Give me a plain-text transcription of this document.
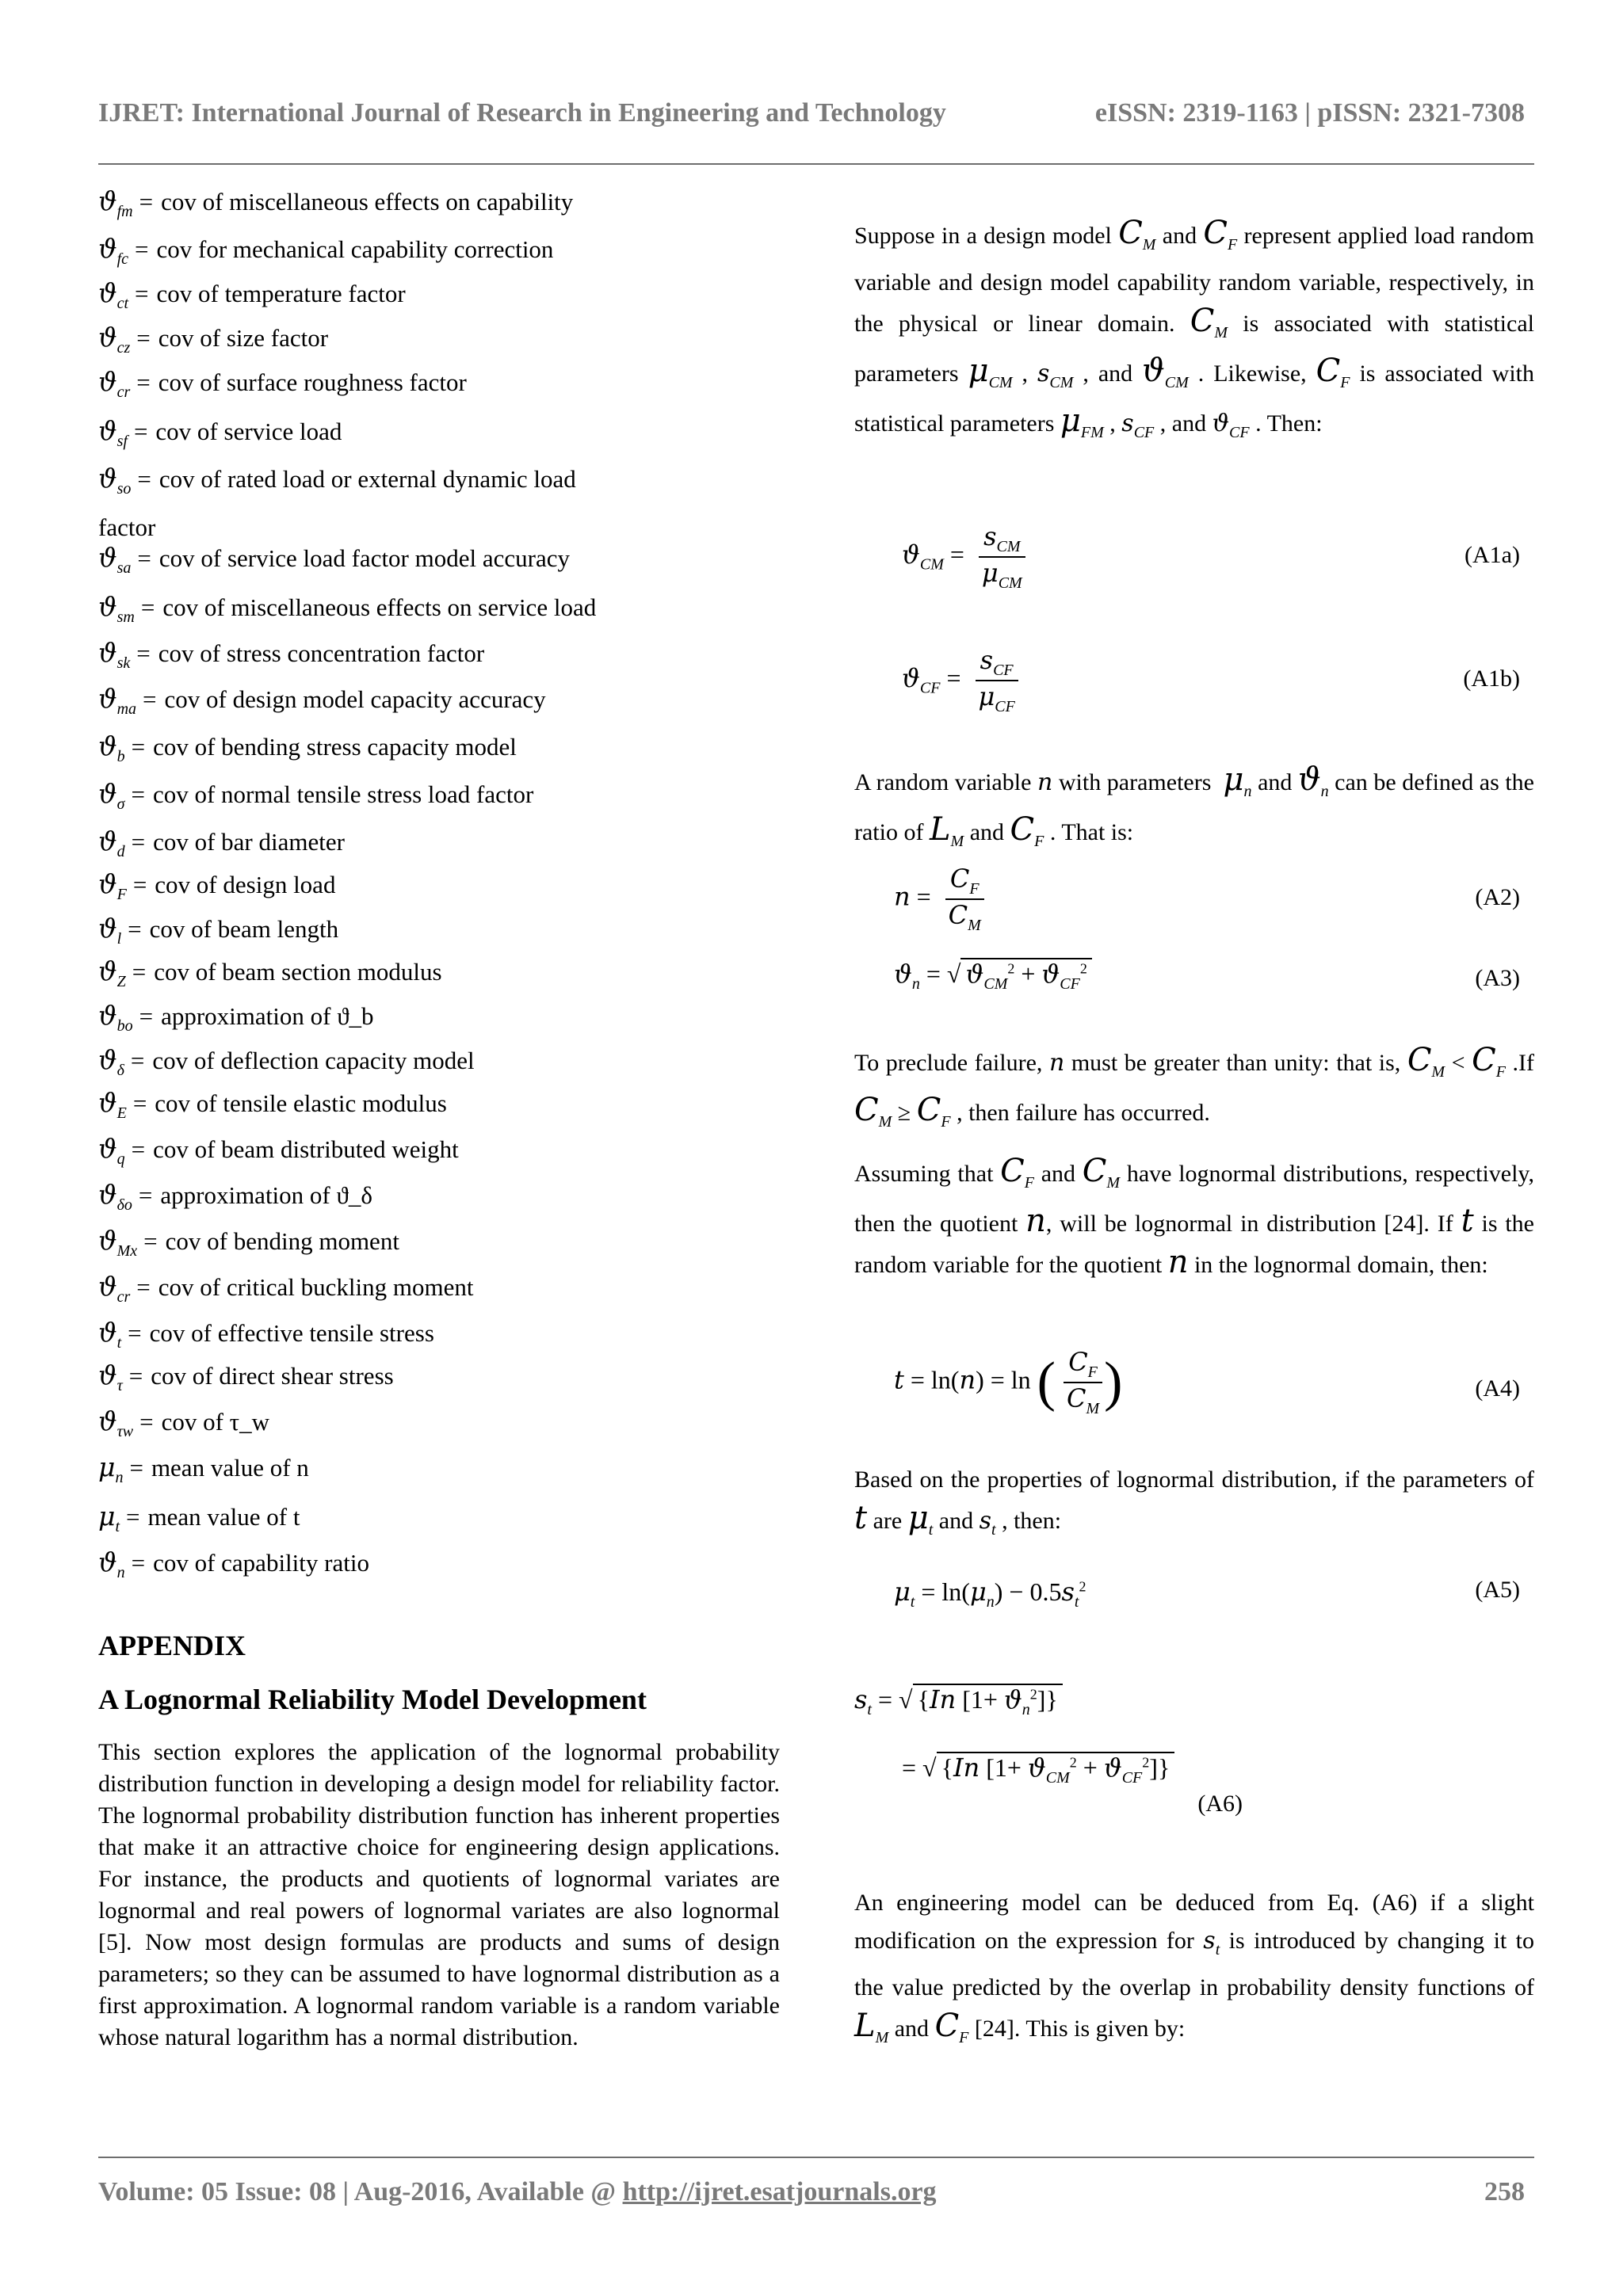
IJRET: International Journal of Research in Engineering and Technology	eISSN: 2319-1163 | pISSN: 2321-7308
$ϑ_{fm}$ = cov of miscellaneous effects on capability
$ϑ_{fc}$ = cov for mechanical capability correction
$ϑ_{ct}$ = cov of temperature factor
$ϑ_{cz}$ = cov of size factor
$ϑ_{cr}$ = cov of surface roughness factor
$ϑ_{sf}$ = cov of service load
$ϑ_{so}$ = cov of rated load or external dynamic load
$ϑ_{sa}$ = cov of service load factor model accuracy
$ϑ_{sm}$ = cov of miscellaneous effects on service load
$ϑ_{sk}$ = cov of stress concentration factor
$ϑ_{ma}$ = cov of design model capacity accuracy
$ϑ_b$ = cov of bending stress capacity model
$ϑ_\sigma$ = cov of normal tensile stress load factor
$ϑ_d$ = cov of bar diameter
$ϑ_F$ = cov of design load
$ϑ_l$ = cov of beam length
$ϑ_Z$ = cov of beam section modulus
$ϑ_{bo}$ = approximation of ϑ_b
$ϑ_\delta$ = cov of deflection capacity model
$ϑ_E$ = cov of tensile elastic modulus
$ϑ_q$ = cov of beam distributed weight
$ϑ_{\delta o}$ = approximation of ϑ_δ
$ϑ_{Mx}$ = cov of bending moment
$ϑ_{cr}$ = cov of critical buckling moment
$ϑ_t$ = cov of effective tensile stress
$ϑ_\tau$ = cov of direct shear stress
$ϑ_{\tau w}$ = cov of τ_w
$\mu_n$ = mean value of n
$\mu_t$ = mean value of t
$ϑ_n$ = cov of capability ratio
factor
APPENDIX
A Lognormal Reliability Model Development
This section explores the application of the lognormal probability distribution function in developing a design model for reliability factor. The lognormal probability distribution function has inherent properties that make it an attractive choice for engineering design applications. For instance, the products and quotients of lognormal variates are lognormal and real powers of lognormal variates are also lognormal [5]. Now most design formulas are products and sums of design parameters; so they can be assumed to have lognormal distribution as a first approximation. A lognormal random variable is a random variable whose natural logarithm has a normal distribution.
Suppose in a design model $C_M$ and $C_F$ represent applied load random variable and design model capability random variable, respectively, in the physical or linear domain. $C_M$ is associated with statistical parameters $\mu_{CM}$ , $s_{CM}$ , and $ϑ_{CM}$ . Likewise, $C_F$ is associated with statistical parameters $\mu_{FM}$ , $s_{CF}$ , and $ϑ_{CF}$ . Then:
$ϑ_{CM} = \frac{s_{CM}}{\mu_{CM}}$	(A1a)
$ϑ_{CF} = \frac{s_{CF}}{\mu_{CF}}$	(A1b)
A random variable n with parameters  $\mu_n$ and $ϑ_n$ can be defined as the ratio of $L_M$ and $C_F$ . That is:
$n = \frac{C_F}{C_M}$	(A2)
$ϑ_n$ = √ $ϑ_{CM}^2 + ϑ_{CF}^2$	(A3)
To preclude failure, n must be greater than unity: that is, $C_M < C_F$ .If $C_M \ge C_F$ , then failure has occurred.
Assuming that $C_F$ and $C_M$ have lognormal distributions, respectively, then the quotient n, will be lognormal in distribution [24]. If t is the random variable for the quotient n in the lognormal domain, then:
t = ln(n) = ln ( $\frac{C_F}{C_M}$ )	(A4)
Based on the properties of lognormal distribution, if the parameters of t are $\mu_t$ and $s_t$ , then:
$\mu_t = \ln(\mu_n) - 0.5s_t^2$	(A5)
$s_t$ = √ {In $[1+ ϑ_n^2]$}
= √ {In $[1+ ϑ_{CM}^2 + ϑ_{CF}^2]$}
(A6)
An engineering model can be deduced from Eq. (A6) if a slight modification on the expression for $s_t$ is introduced by changing it to the value predicted by the overlap in probability density functions of $L_M$ and $C_F$ [24]. This is given by:
Volume: 05 Issue: 08 | Aug-2016, Available @ http://ijret.esatjournals.org	258
